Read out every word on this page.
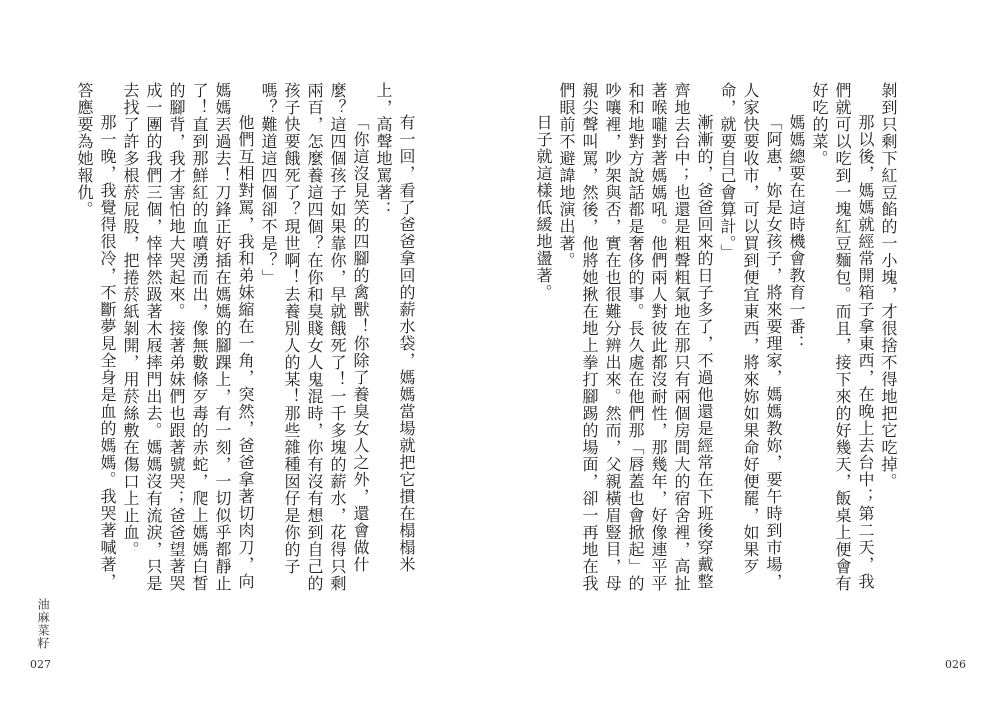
有一回，看了爸爸拿回的薪水袋，媽媽當場就把它摜在榻榻米上，高聲地罵著：

「你這沒見笑的四腳的禽獸！你除了養臭女人之外，還會做什麼？這四個孩子如果靠你，早就餓死了！一千多塊的薪水，花得只剩兩百，怎麼養這四個？在你和臭賤女人鬼混時，你有沒有想到自己的孩子快要餓死了？現世啊！去養別人的某！那些雜種囡仔是你的子嗎？難道這四個卻不是？」

他們互相對罵，我和弟妹縮在一角，突然，爸爸拿著切肉刀，向媽媽丟過去！刀鋒正好插在媽媽的腳踝上，有一刻，一切似乎都靜止了！直到那鮮紅的血噴湧而出，像無數條歹毒的赤蛇，爬上媽媽白皙的腳背，我才害怕地大哭起來。接著弟妹們也跟著號哭；爸爸望著哭成一團的我們三個，悻悻然趿著木屐摔門出去。媽媽沒有流淚，只是去找了許多根菸屁股，把捲菸紙剝開，用菸絲敷在傷口上止血。

那一晚，我覺得很冷，不斷夢見全身是血的媽媽。我哭著喊著，答應要為她報仇。

油麻菜籽
027

剝到只剩下紅豆餡的一小塊，才很捨不得地把它吃掉。

那以後，媽媽就經常開箱子拿東西，在晚上去台中；第二天，我們就可以吃到一塊紅豆麵包。而且，接下來的好幾天，飯桌上便會有好吃的菜。

媽媽總要在這時機會教育一番：

「阿惠，妳是女孩子，將來要理家，媽媽教妳，要午時到市場，人家快要收市，可以買到便宜東西，將來妳如果命好便罷，如果歹命，就要自己會算計。」

漸漸的，爸爸回來的日子多了，不過他還是經常在下班後穿戴整齊地去台中；也還是粗聲粗氣地在那只有兩個房間大的宿舍裡，高扯著喉嚨對著媽媽吼。他們兩人對彼此都沒耐性，那幾年，好像連平平和和地對方說話都是奢侈的事。長久處在他們那「唇蓋也會掀起」的吵嚷裡，吵架與否，實在也很難分辨出來。然而，父親橫眉豎目，母親尖聲叫罵，然後，他將她揪在地上拳打腳踢的場面，卻一再地在我們眼前不避諱地演出著。

日子就這樣低緩地盪著。

026
